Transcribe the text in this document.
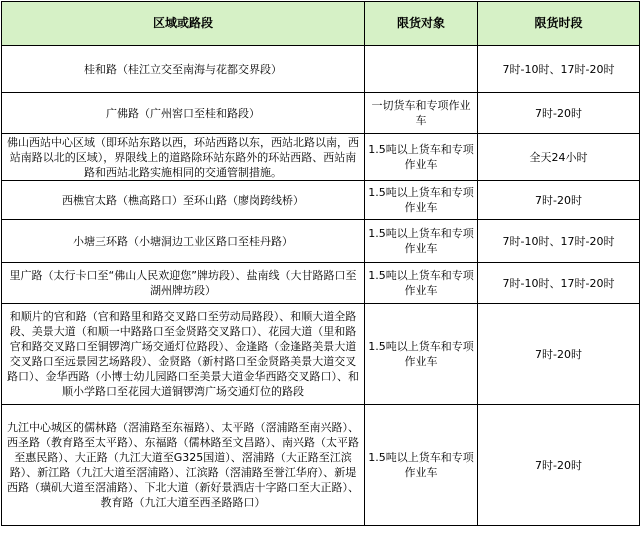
区域或路段	限货对象	限货时段
桂和路（桂江立交至南海与花都交界段）		7时-10时、17时-20时
广佛路（广州窖口至桂和路段）	一切货车和专项作业车	7时-20时
佛山西站中心区域（即环站东路以西，环站西路以东，西站北路以南，西站南路以北的区域），界限线上的道路除环站东路外的环站西路、西站南路和西站北路实施相同的交通管制措施。	1.5吨以上货车和专项作业车	全天24小时
西樵官太路（樵高路口）至环山路（廖岗跨线桥）	1.5吨以上货车和专项作业车	7时-20时
小塘三环路（小塘洞边工业区路口至桂丹路）	1.5吨以上货车和专项作业车	7时-10时、17时-20时
里广路（太行卡口至“佛山人民欢迎您”牌坊段）、盐南线（大甘路路口至湖州牌坊段）	1.5吨以上货车和专项作业车	7时-10时、17时-20时
和顺片的官和路（官和路里和路交叉路口至劳动局路段）、和顺大道全路段、美景大道（和顺一中路路口至金贤路交叉路口）、花园大道（里和路官和路交叉路口至铜锣湾广场交通灯位路段）、金逢路（金逢路美景大道交叉路口至远景园艺场路段）、金贤路（新村路口至金贤路美景大道交叉路口）、金华西路（小博士幼儿园路口至美景大道金华西路交叉路口）、和顺小学路口至花园大道铜锣湾广场交通灯位的路段	1.5吨以上货车和专项作业车	7时-20时
九江中心城区的儒林路（滘浦路至东福路）、太平路（滘浦路至南兴路）、西圣路（教育路至太平路）、东福路（儒林路至文昌路）、南兴路（太平路至惠民路）、大正路（九江大道至G325国道）、滘浦路（大正路至江滨路）、新江路（九江大道至滘浦路）、江滨路（滘浦路至誉江华府）、新堤西路（璜矶大道至滘浦路）、下北大道（新好景酒店十字路口至大正路）、教育路（九江大道至西圣路路口）	1.5吨以上货车和专项作业车	7时-20时
